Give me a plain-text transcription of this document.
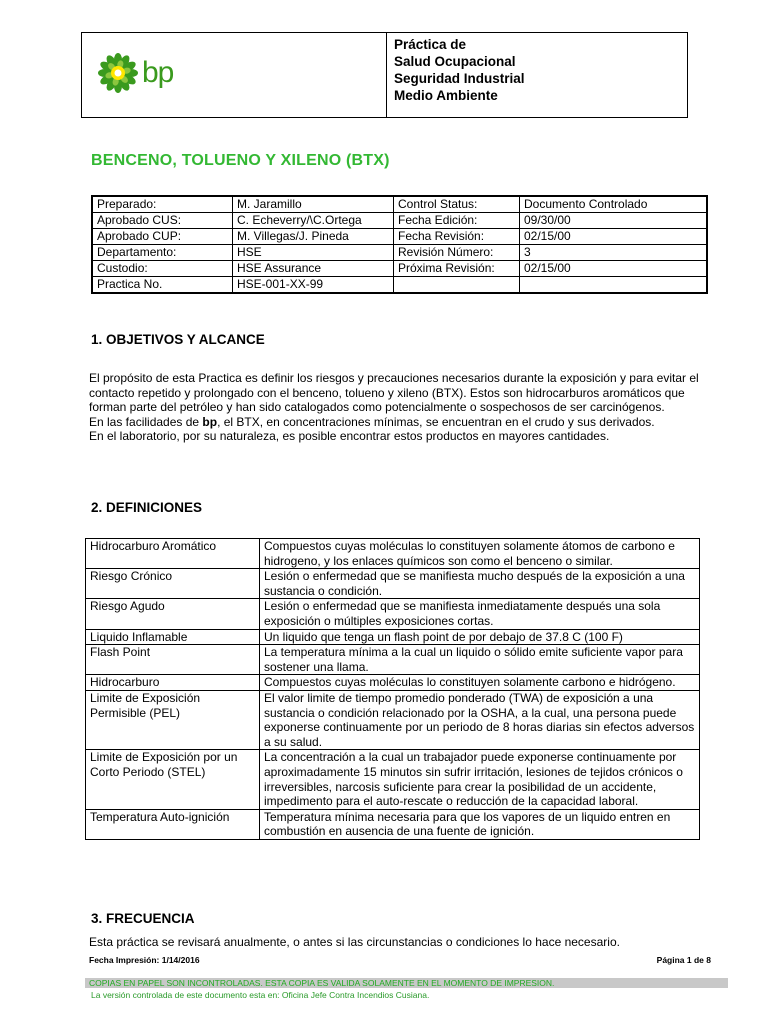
bp
Práctica de
Salud Ocupacional
Seguridad Industrial
Medio Ambiente
BENCENO, TOLUENO Y XILENO (BTX)
Preparado:	M. Jaramillo	Control Status:	Documento Controlado
Aprobado CUS:	C. Echeverry/\C.Ortega	Fecha Edición:	09/30/00
Aprobado CUP:	M. Villegas/J. Pineda	Fecha Revisión:	02/15/00
Departamento:	HSE	Revisión Número:	3
Custodio:	HSE Assurance	Próxima Revisión:	02/15/00
Practica No.	HSE-001-XX-99		
1. OBJETIVOS Y ALCANCE

El propósito de esta Practica es definir los riesgos y precauciones necesarios durante la exposición y para evitar el contacto repetido y prolongado con el benceno, tolueno y xileno (BTX). Estos son hidrocarburos aromáticos que forman parte del petróleo y han sido catalogados como potencialmente o sospechosos de ser carcinógenos.

En las facilidades de bp, el BTX, en concentraciones mínimas, se encuentran en el crudo y sus derivados.

En el laboratorio, por su naturaleza, es posible encontrar estos productos en mayores cantidades.

2. DEFINICIONES
Hidrocarburo Aromático	Compuestos cuyas moléculas lo constituyen solamente átomos de carbono e hidrogeno, y los enlaces químicos son como el benceno o similar.
Riesgo Crónico	Lesión o enfermedad que se manifiesta mucho después de la exposición a una sustancia o condición.
Riesgo Agudo	Lesión o enfermedad que se manifiesta inmediatamente después una sola exposición o múltiples exposiciones cortas.
Liquido Inflamable	Un liquido que tenga un flash point de por debajo de 37.8 C (100 F)
Flash Point	La temperatura mínima a la cual un liquido o sólido emite suficiente vapor para sostener una llama.
Hidrocarburo	Compuestos cuyas moléculas lo constituyen solamente carbono e hidrógeno.
Limite de Exposición Permisible (PEL)	El valor limite de tiempo promedio ponderado (TWA) de exposición a una sustancia o condición relacionado por la OSHA, a la cual, una persona puede exponerse continuamente por un periodo de 8 horas diarias sin efectos adversos a su salud.
Limite de Exposición por un Corto Periodo (STEL)	La concentración a la cual un trabajador puede exponerse continuamente por aproximadamente 15 minutos sin sufrir irritación, lesiones de tejidos crónicos o irreversibles, narcosis suficiente para crear la posibilidad de un accidente, impedimento para el auto-rescate o reducción de la capacidad laboral.
Temperatura Auto-ignición	Temperatura mínima necesaria para que los vapores de un liquido entren en combustión en ausencia de una fuente de ignición.
3. FRECUENCIA
Esta práctica se revisará anualmente, o antes si las circunstancias o condiciones lo hace necesario.
Fecha Impresión: 1/14/2016	Página 1 de 8
COPIAS EN PAPEL SON INCONTROLADAS. ESTA COPIA ES VALIDA SOLAMENTE EN EL MOMENTO DE IMPRESION.
La versión controlada de este documento esta en: Oficina Jefe Contra Incendios Cusiana.
